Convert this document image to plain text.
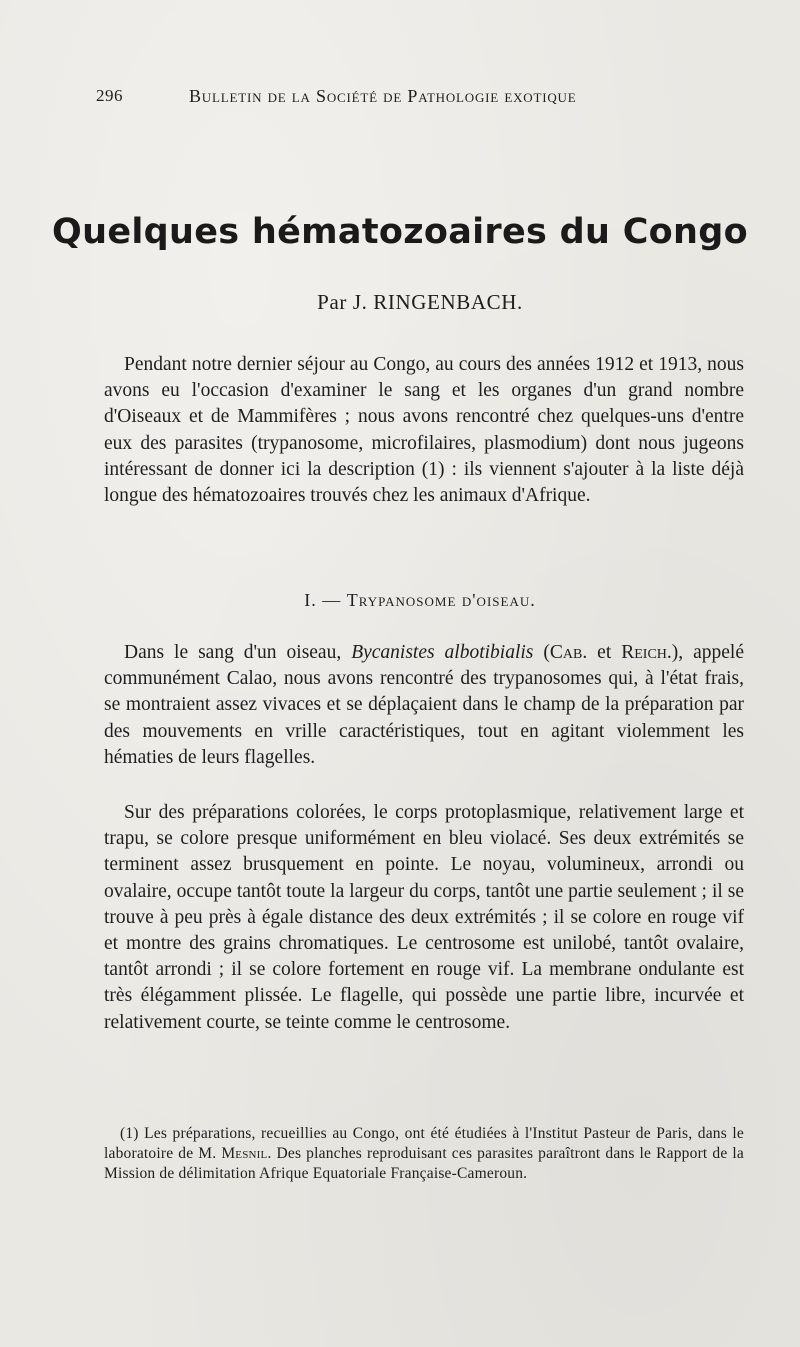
296	Bulletin de la Société de Pathologie exotique
Quelques hématozoaires du Congo
Par J. RINGENBACH.

Pendant notre dernier séjour au Congo, au cours des années 1912 et 1913, nous avons eu l'occasion d'examiner le sang et les organes d'un grand nombre d'Oiseaux et de Mammifères ; nous avons rencontré chez quelques-uns d'entre eux des parasites (trypanosome, microfilaires, plasmodium) dont nous jugeons intéressant de donner ici la description (1) : ils viennent s'ajouter à la liste déjà longue des hématozoaires trouvés chez les animaux d'Afrique.

I. — Trypanosome d'oiseau.

Dans le sang d'un oiseau, Bycanistes albotibialis (Cab. et Reich.), appelé communément Calao, nous avons rencontré des trypanosomes qui, à l'état frais, se montraient assez vivaces et se déplaçaient dans le champ de la préparation par des mouvements en vrille caractéristiques, tout en agitant violemment les hématies de leurs flagelles.

Sur des préparations colorées, le corps protoplasmique, relativement large et trapu, se colore presque uniformément en bleu violacé. Ses deux extrémités se terminent assez brusquement en pointe. Le noyau, volumineux, arrondi ou ovalaire, occupe tantôt toute la largeur du corps, tantôt une partie seulement ; il se trouve à peu près à égale distance des deux extrémités ; il se colore en rouge vif et montre des grains chromatiques. Le centrosome est unilobé, tantôt ovalaire, tantôt arrondi ; il se colore fortement en rouge vif. La membrane ondulante est très élégamment plissée. Le flagelle, qui possède une partie libre, incurvée et relativement courte, se teinte comme le centrosome.

(1) Les préparations, recueillies au Congo, ont été étudiées à l'Institut Pasteur de Paris, dans le laboratoire de M. Mesnil. Des planches reproduisant ces parasites paraîtront dans le Rapport de la Mission de délimitation Afrique Equatoriale Française-Cameroun.
